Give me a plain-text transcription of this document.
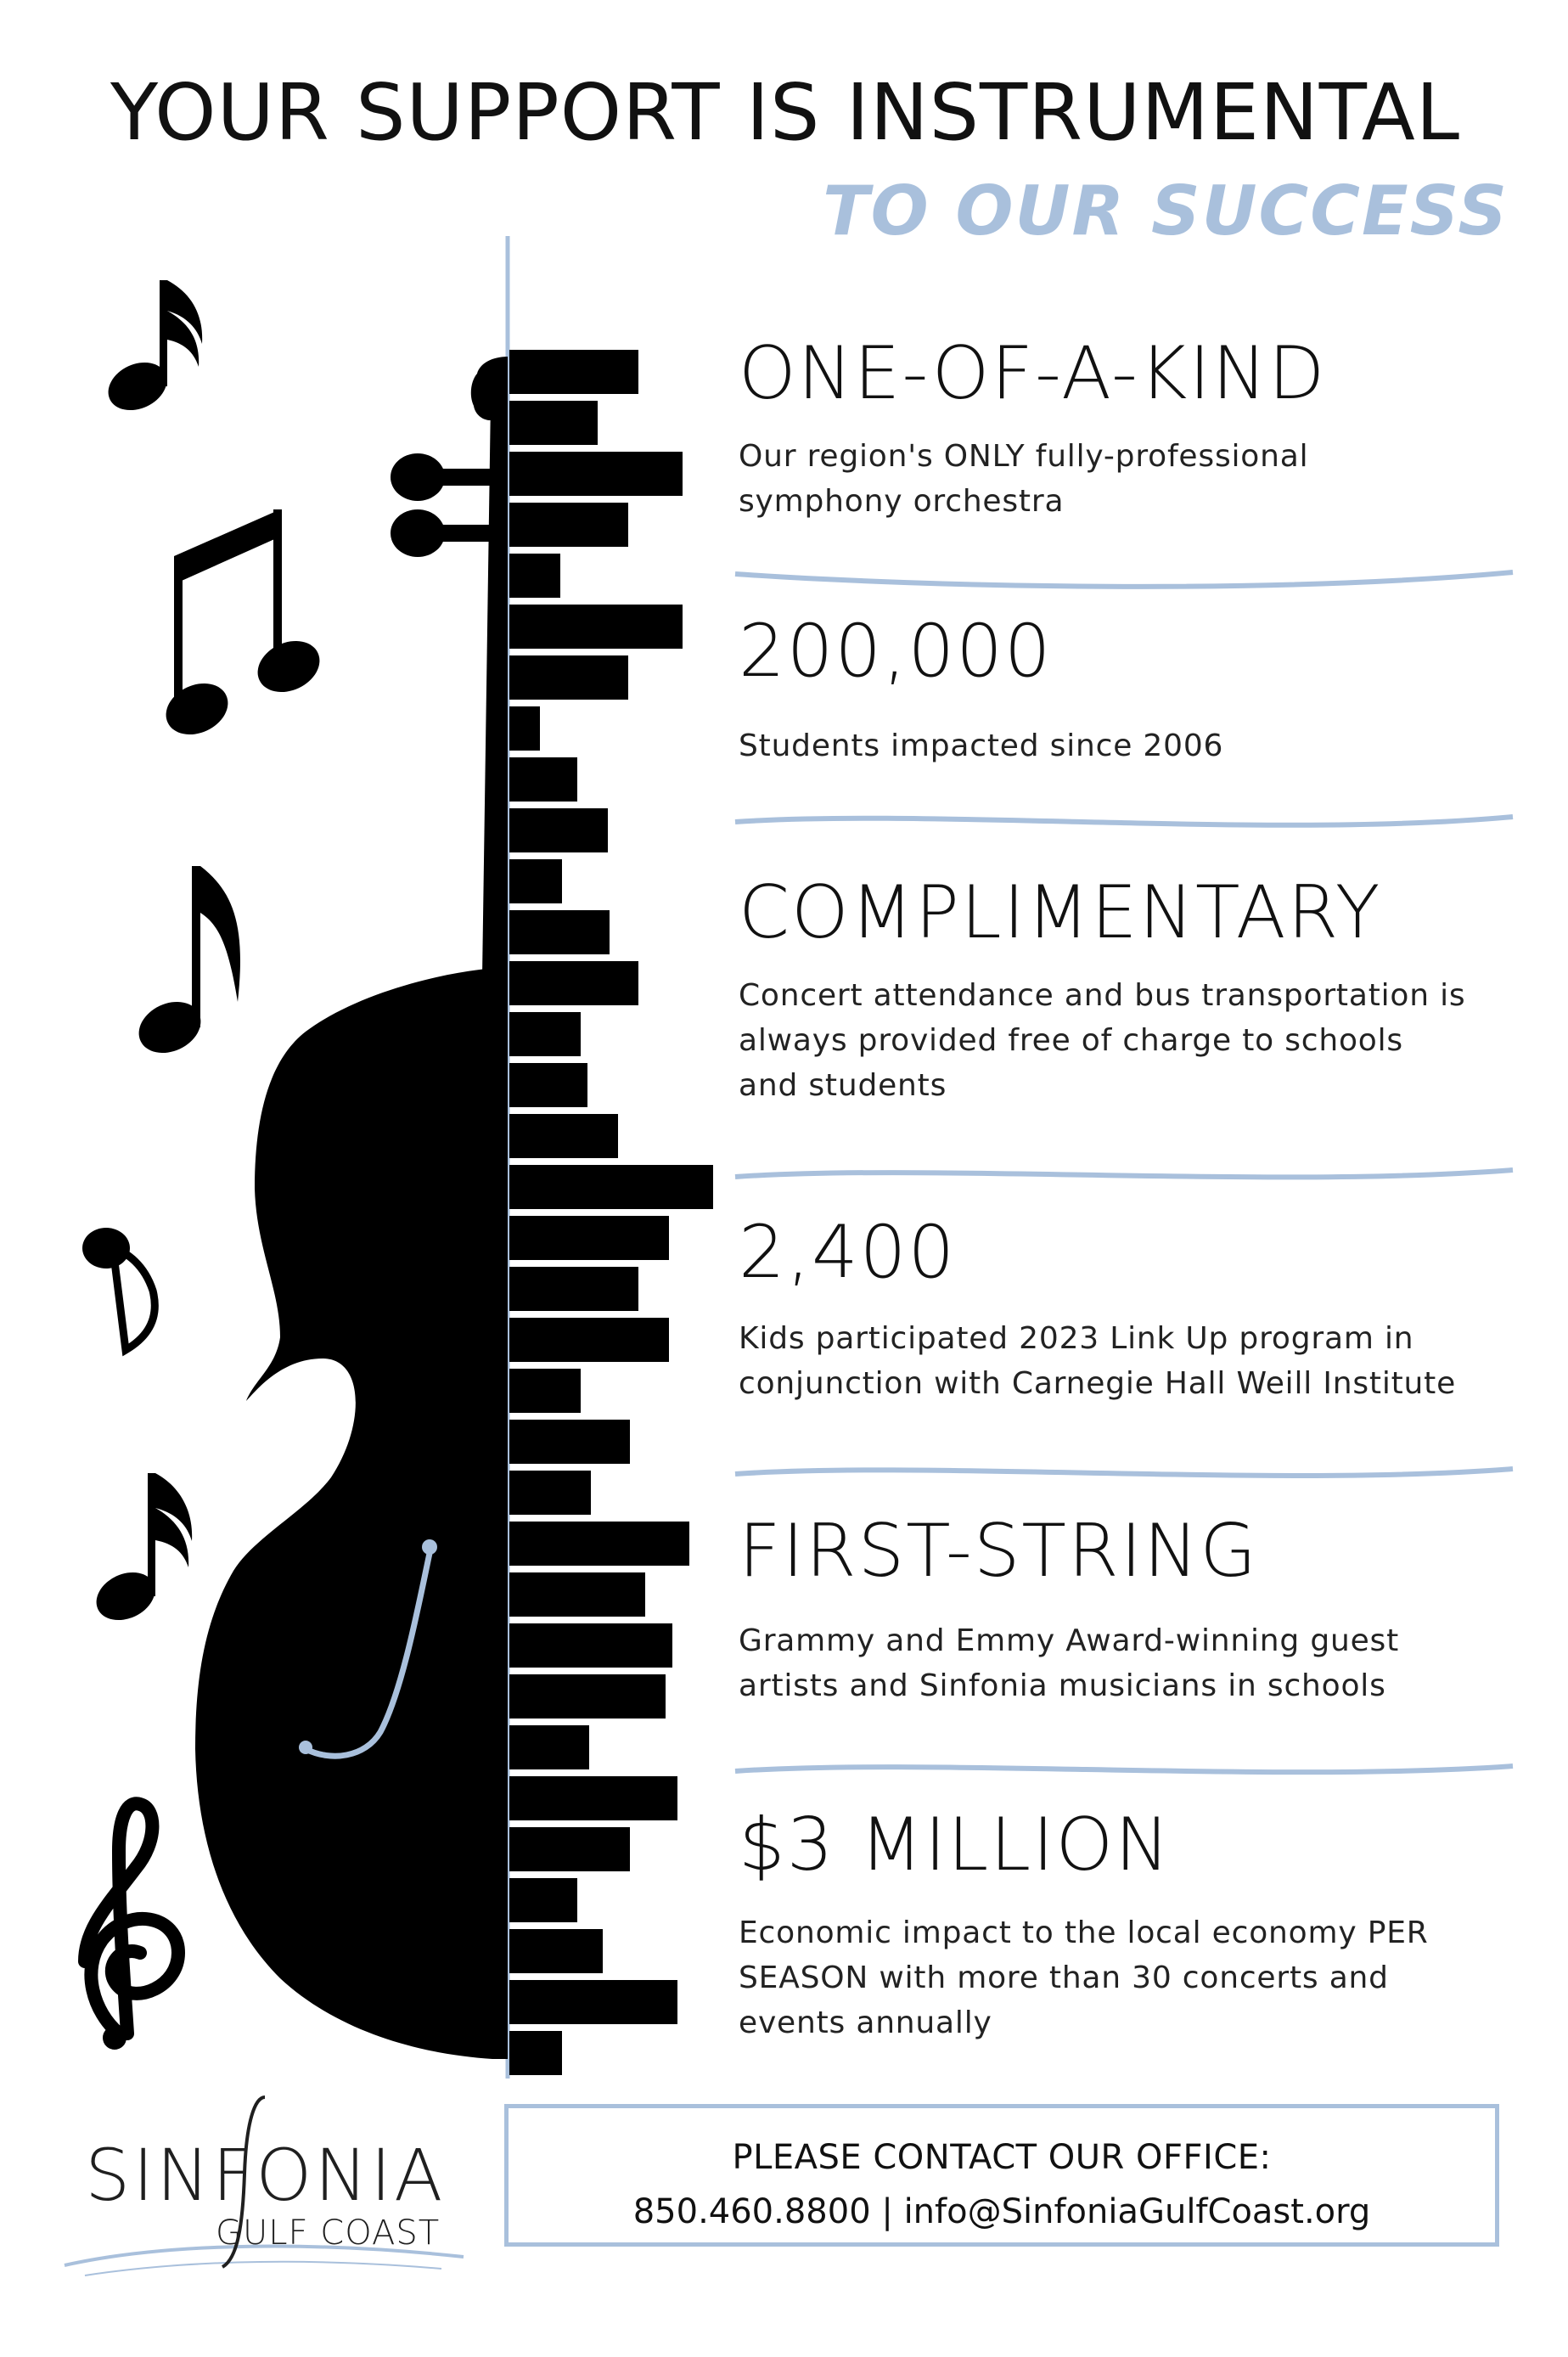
YOUR SUPPORT IS INSTRUMENTAL
TO OUR SUCCESS
ONE-OF-A-KIND

Our region's ONLY fully-professional
symphony orchestra

200,000

Students impacted since 2006

COMPLIMENTARY

Concert attendance and bus transportation is
always provided free of charge to schools
and students

2,400

Kids participated 2023 Link Up program in
conjunction with Carnegie Hall Weill Institute

FIRST-STRING

Grammy and Emmy Award-winning guest
artists and Sinfonia musicians in schools

$3 MILLION

Economic impact to the local economy PER
SEASON with more than 30 concerts and
events annually

SINFONIA

GULF COAST

PLEASE CONTACT OUR OFFICE:

850.460.8800 | info@SinfoniaGulfCoast.org
